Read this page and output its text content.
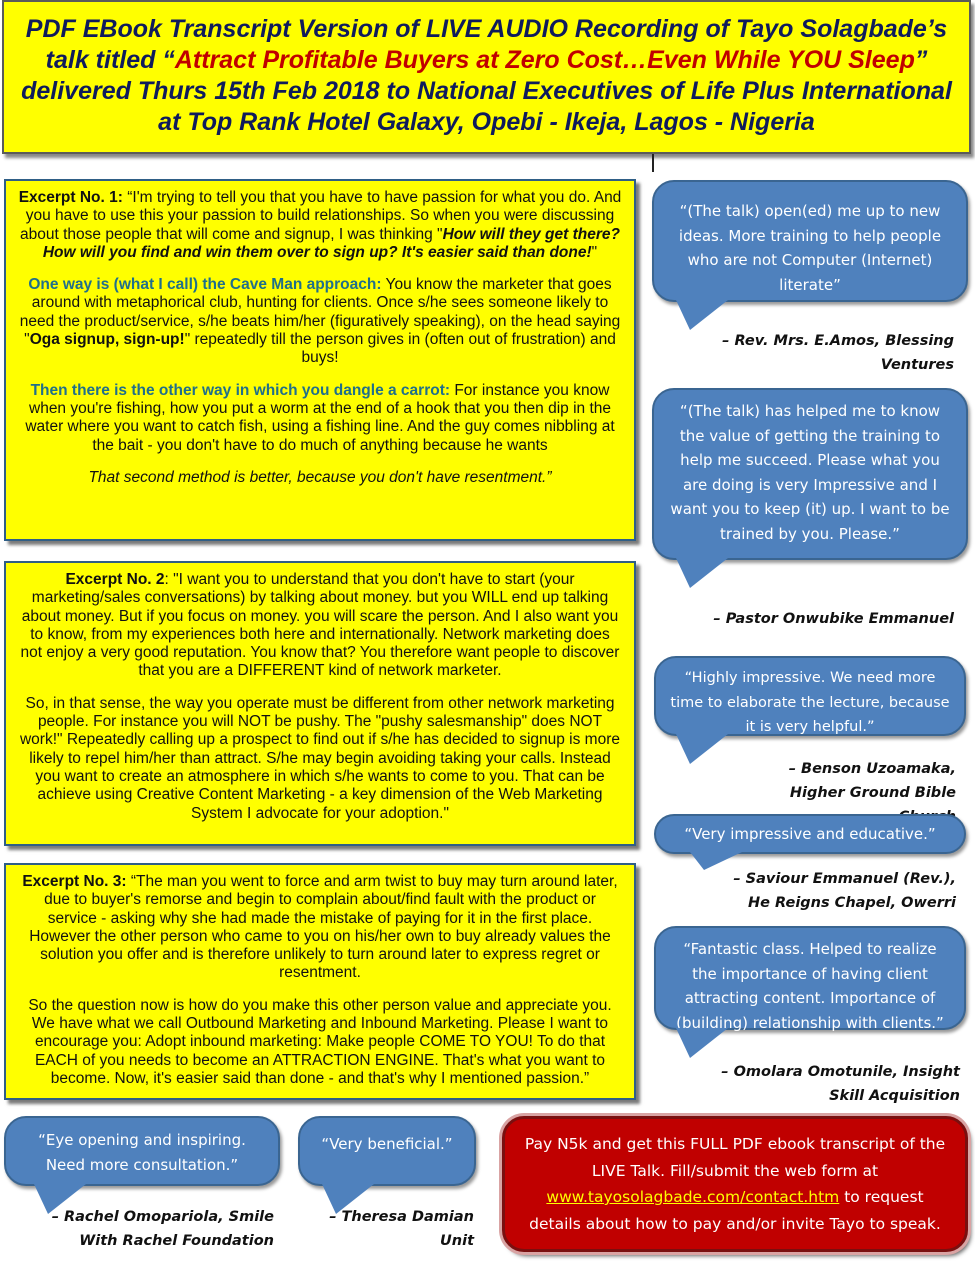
PDF EBook Transcript Version of LIVE AUDIO Recording of Tayo Solagbade’s talk titled “Attract Profitable Buyers at Zero Cost…Even While YOU Sleep” delivered Thurs 15th Feb 2018 to National Executives of Life Plus International at Top Rank Hotel Galaxy, Opebi - Ikeja, Lagos - Nigeria

Excerpt No. 1: “I'm trying to tell you that you have to have passion for what you do. And you have to use this your passion to build relationships. So when you were discussing about those people that will come and signup, I was thinking "How will they get there? How will you find and win them over to sign up? It's easier said than done!"

One way is (what I call) the Cave Man approach: You know the marketer that goes around with metaphorical club, hunting for clients. Once s/he sees someone likely to need the product/service, s/he beats him/her (figuratively speaking), on the head saying "Oga signup, sign-up!" repeatedly till the person gives in (often out of frustration) and buys!

Then there is the other way in which you dangle a carrot: For instance you know when you're fishing, how you put a worm at the end of a hook that you then dip in the water where you want to catch fish, using a fishing line. And the guy comes nibbling at the bait - you don't have to do much of anything because he wants

That second method is better, because you don't have resentment.”

Excerpt No. 2: "I want you to understand that you don't have to start (your marketing/sales conversations) by talking about money. but you WILL end up talking about money. But if you focus on money. you will scare the person. And I also want you to know, from my experiences both here and internationally. Network marketing does not enjoy a very good reputation. You know that? You therefore want people to discover that you are a DIFFERENT kind of network marketer.

So, in that sense, the way you operate must be different from other network marketing people. For instance you will NOT be pushy. The "pushy salesmanship" does NOT work!" Repeatedly calling up a prospect to find out if s/he has decided to signup is more likely to repel him/her than attract. S/he may begin avoiding taking your calls. Instead you want to create an atmosphere in which s/he wants to come to you. That can be achieve using Creative Content Marketing - a key dimension of the Web Marketing System I advocate for your adoption."

Excerpt No. 3: “The man you went to force and arm twist to buy may turn around later, due to buyer's remorse and begin to complain about/find fault with the product or service - asking why she had made the mistake of paying for it in the first place. However the other person who came to you on his/her own to buy already values the solution you offer and is therefore unlikely to turn around later to express regret or resentment.

So the question now is how do you make this other person value and appreciate you. We have what we call Outbound Marketing and Inbound Marketing. Please I want to encourage you: Adopt inbound marketing: Make people COME TO YOU! To do that EACH of you needs to become an ATTRACTION ENGINE. That's what you want to become. Now, it's easier said than done - and that's why I mentioned passion.”

“(The talk) open(ed) me up to new ideas. More training to help people who are not Computer (Internet) literate”
– Rev. Mrs. E.Amos, Blessing Ventures
“(The talk) has helped me to know the value of getting the training to help me succeed. Please what you are doing is very Impressive and I want you to keep (it) up. I want to be trained by you. Please.”
– Pastor Onwubike Emmanuel
“Highly impressive. We need more time to elaborate the lecture, because it is very helpful.”
– Benson Uzoamaka, Higher Ground Bible
“Very impressive and educative.”
– Saviour Emmanuel (Rev.), He Reigns Chapel, Owerri
“Fantastic class. Helped to realize the importance of having client attracting content. Importance of (building) relationship with clients.”
– Omolara Omotunile, Insight Skill Acquisition
“Eye opening and inspiring. Need more consultation.”
– Rachel Omopariola, Smile With Rachel Foundation
“Very beneficial.”
– Theresa Damian Unit
Pay N5k and get this FULL PDF ebook transcript of the LIVE Talk. Fill/submit the web form at www.tayosolagbade.com/contact.htm to request details about how to pay and/or invite Tayo to speak.
